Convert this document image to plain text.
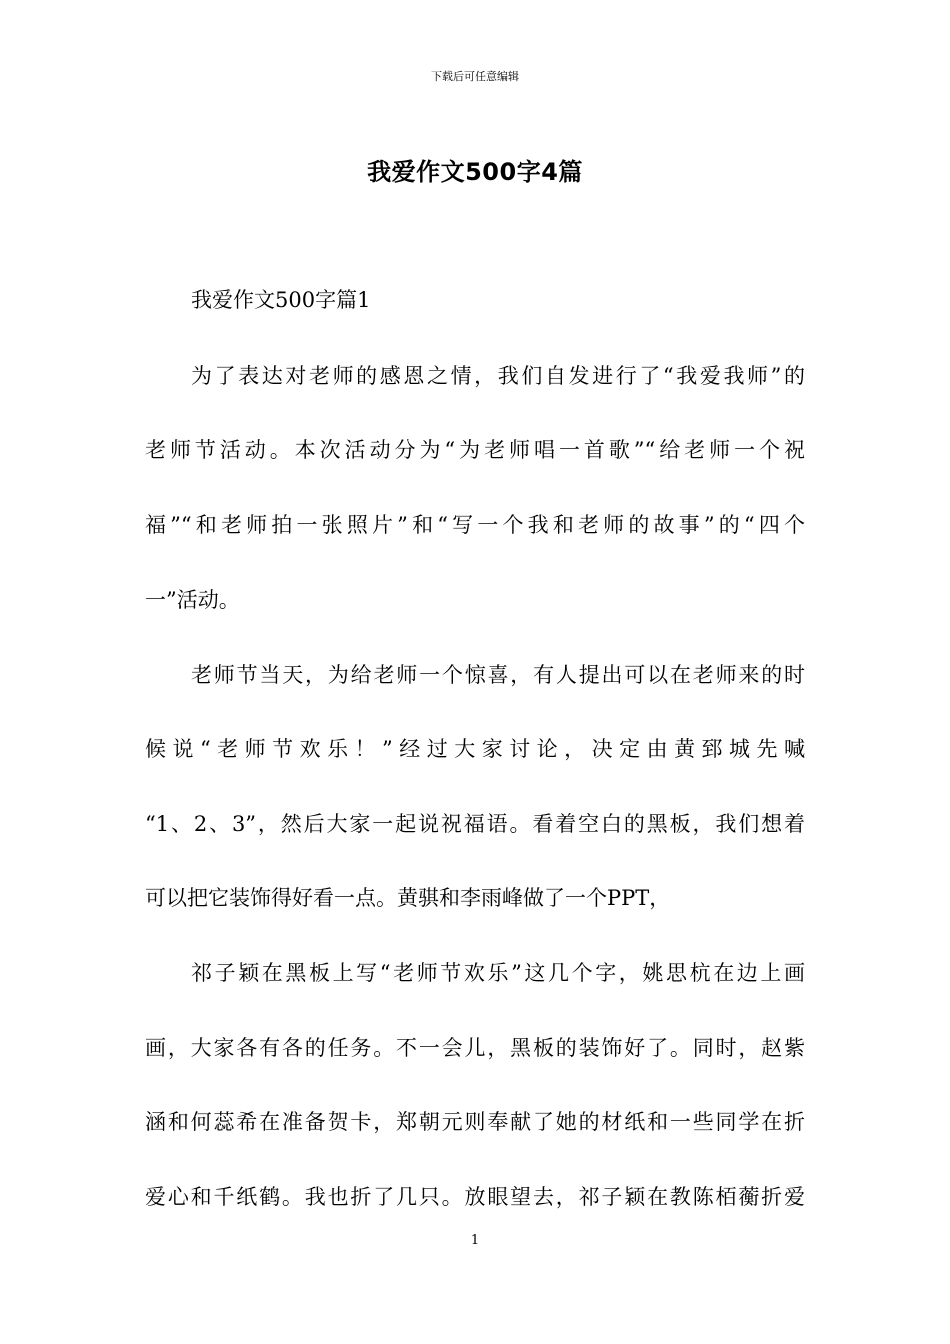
下载后可任意编辑
我爱作文500字4篇
我爱作文500字篇1
为了表达对老师的感恩之情，我们自发进行了“我爱我师”的
老师节活动。本次活动分为“为老师唱一首歌”“给老师一个祝
福”“和老师拍一张照片”和“写一个我和老师的故事”的“四个
一”活动。
老师节当天，为给老师一个惊喜，有人提出可以在老师来的时
候说“老师节欢乐！”经过大家讨论，决定由黄郅城先喊
“1、2、3”，然后大家一起说祝福语。看着空白的黑板，我们想着
可以把它装饰得好看一点。黄骐和李雨峰做了一个PPT，
祁子颖在黑板上写“老师节欢乐”这几个字，姚思杭在边上画
画，大家各有各的任务。不一会儿，黑板的装饰好了。同时，赵紫
涵和何蕊希在准备贺卡，郑朝元则奉献了她的材纸和一些同学在折
爱心和千纸鹤。我也折了几只。放眼望去，祁子颖在教陈栢蘅折爱
1
